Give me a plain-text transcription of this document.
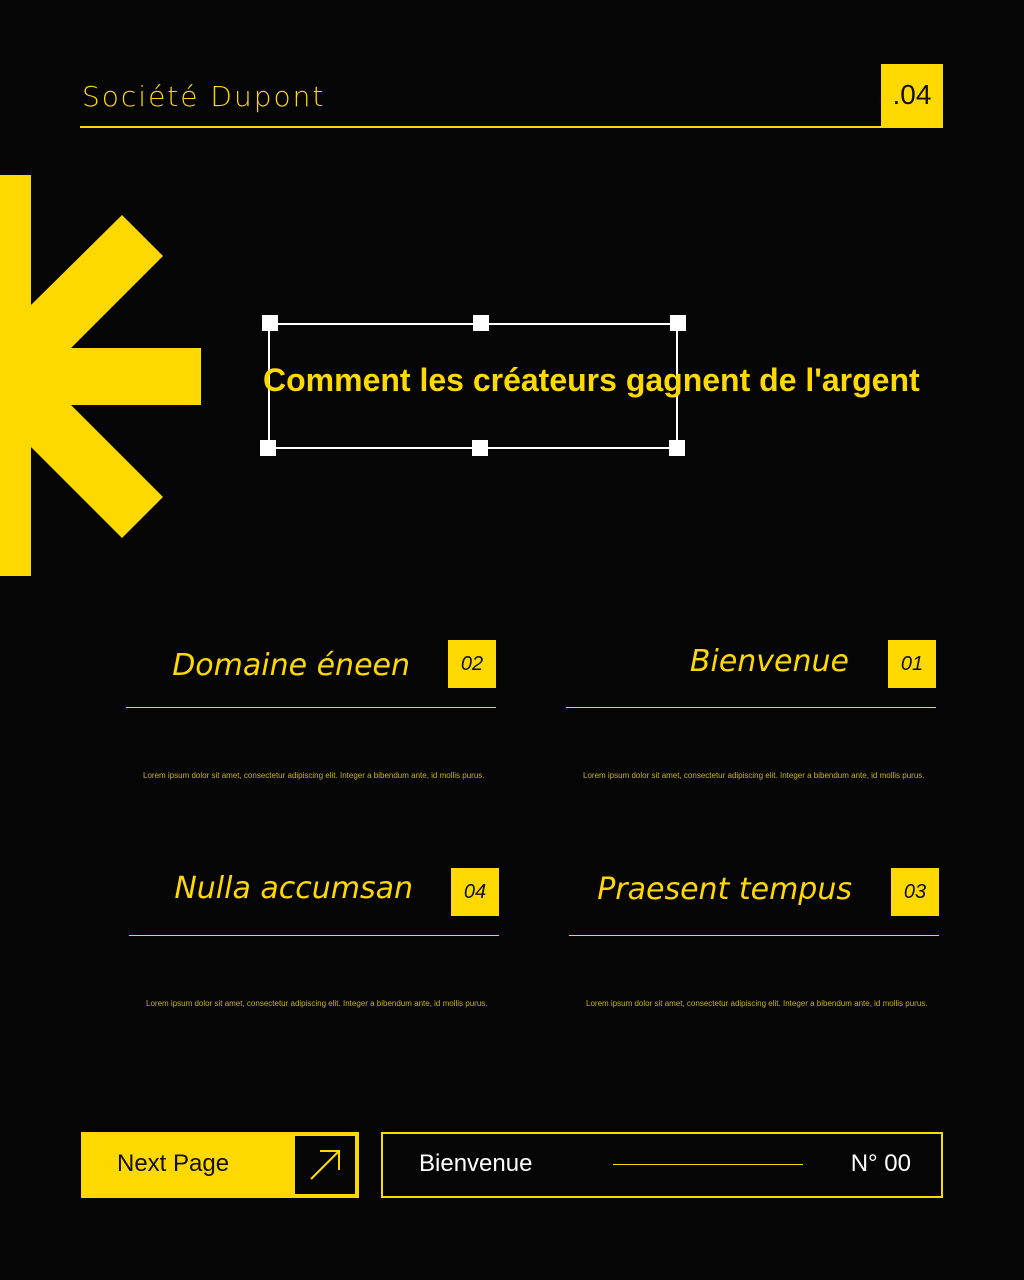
Société Dupont	.04
Comment les créateurs gagnent de l'argent
Domaine éneen	02
Lorem ipsum dolor sit amet, consectetur adipiscing elit. Integer a bibendum ante, id mollis purus.
Bienvenue	01
Lorem ipsum dolor sit amet, consectetur adipiscing elit. Integer a bibendum ante, id mollis purus.
Nulla accumsan	04
Lorem ipsum dolor sit amet, consectetur adipiscing elit. Integer a bibendum ante, id mollis purus.
Praesent tempus	03
Lorem ipsum dolor sit amet, consectetur adipiscing elit. Integer a bibendum ante, id mollis purus.
Next Page	Bienvenue	N° 00
